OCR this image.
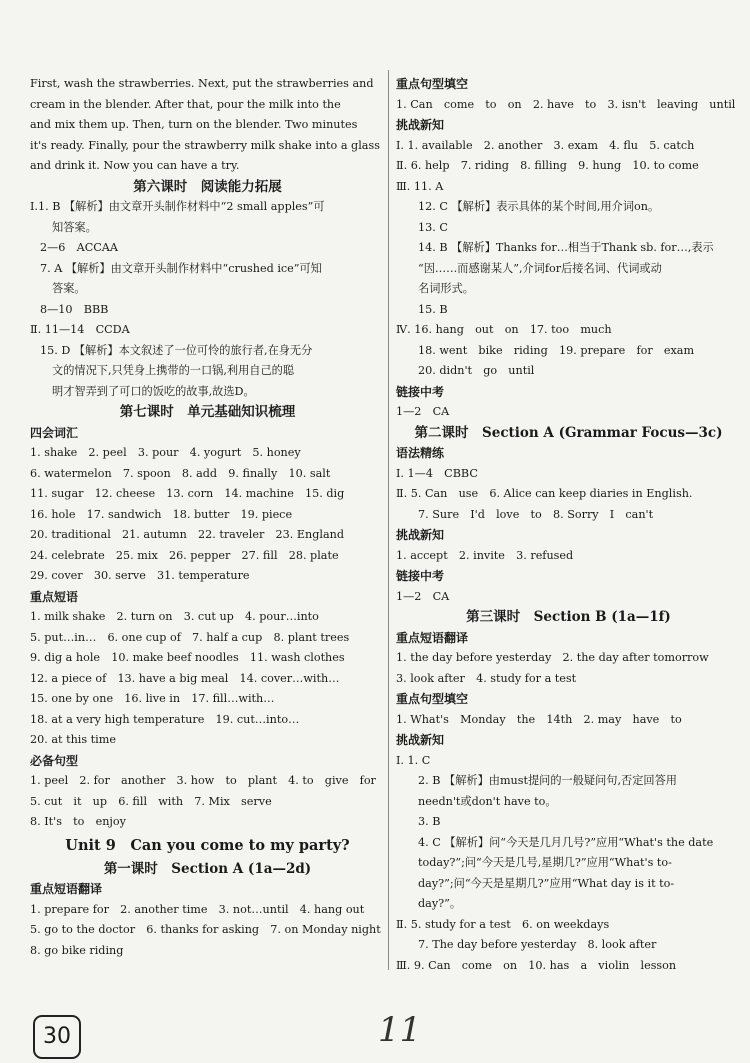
First, wash the strawberries. Next, put the strawberries and
cream in the blender. After that, pour the milk into the
and mix them up. Then, turn on the blender. Two minutes
it's ready. Finally, pour the strawberry milk shake into a glass
and drink it. Now you can have a try.
第六课时　阅读能力拓展
Ⅰ.1. B 【解析】由文章开头制作材料中“2 small apples”可
知答案。
2—6　ACCAA
7. A 【解析】由文章开头制作材料中“crushed ice”可知
答案。
8—10　BBB
Ⅱ. 11—14　CCDA
15. D 【解析】本文叙述了一位可怜的旅行者,在身无分
文的情况下,只凭身上携带的一口锅,利用自己的聪
明才智弄到了可口的饭吃的故事,故选D。
第七课时　单元基础知识梳理
四会词汇
1. shake　2. peel　3. pour　4. yogurt　5. honey
6. watermelon　7. spoon　8. add　9. finally　10. salt
11. sugar　12. cheese　13. corn　14. machine　15. dig
16. hole　17. sandwich　18. butter　19. piece
20. traditional　21. autumn　22. traveler　23. England
24. celebrate　25. mix　26. pepper　27. fill　28. plate
29. cover　30. serve　31. temperature
重点短语
1. milk shake　2. turn on　3. cut up　4. pour…into
5. put…in…　6. one cup of　7. half a cup　8. plant trees
9. dig a hole　10. make beef noodles　11. wash clothes
12. a piece of　13. have a big meal　14. cover…with…
15. one by one　16. live in　17. fill…with…
18. at a very high temperature　19. cut…into…
20. at this time
必备句型
1. peel　2. for　another　3. how　to　plant　4. to　give　for
5. cut　it　up　6. fill　with　7. Mix　serve
8. It's　to　enjoy
Unit 9　Can you come to my party?
第一课时　Section A (1a—2d)
重点短语翻译
1. prepare for　2. another time　3. not…until　4. hang out
5. go to the doctor　6. thanks for asking　7. on Monday night
8. go bike riding
重点句型填空
1. Can　come　to　on　2. have　to　3. isn't　leaving　until
挑战新知
Ⅰ. 1. available　2. another　3. exam　4. flu　5. catch
Ⅱ. 6. help　7. riding　8. filling　9. hung　10. to come
Ⅲ. 11. A
12. C 【解析】表示具体的某个时间,用介词on。
13. C
14. B 【解析】Thanks for…相当于Thank sb. for…,表示
“因……而感谢某人”,介词for后接名词、代词或动
名词形式。
15. B
Ⅳ. 16. hang　out　on　17. too　much
18. went　bike　riding　19. prepare　for　exam
20. didn't　go　until
链接中考
1—2　CA
第二课时　Section A (Grammar Focus—3c)
语法精练
Ⅰ. 1—4　CBBC
Ⅱ. 5. Can　use　6. Alice can keep diaries in English.
7. Sure　I'd　love　to　8. Sorry　I　can't
挑战新知
1. accept　2. invite　3. refused
链接中考
1—2　CA
第三课时　Section B (1a—1f)
重点短语翻译
1. the day before yesterday　2. the day after tomorrow
3. look after　4. study for a test
重点句型填空
1. What's　Monday　the　14th　2. may　have　to
挑战新知
Ⅰ. 1. C
2. B 【解析】由must提问的一般疑问句,否定回答用
needn't或don't have to。
3. B
4. C 【解析】问“今天是几月几号?”应用“What's the date
today?”;问“今天是几号,星期几?”应用“What's to-
day?”;问“今天是星期几?”应用“What day is it to-
day?”。
Ⅱ. 5. study for a test　6. on weekdays
7. The day before yesterday　8. look after
Ⅲ. 9. Can　come　on　10. has　a　violin　lesson
30	11
